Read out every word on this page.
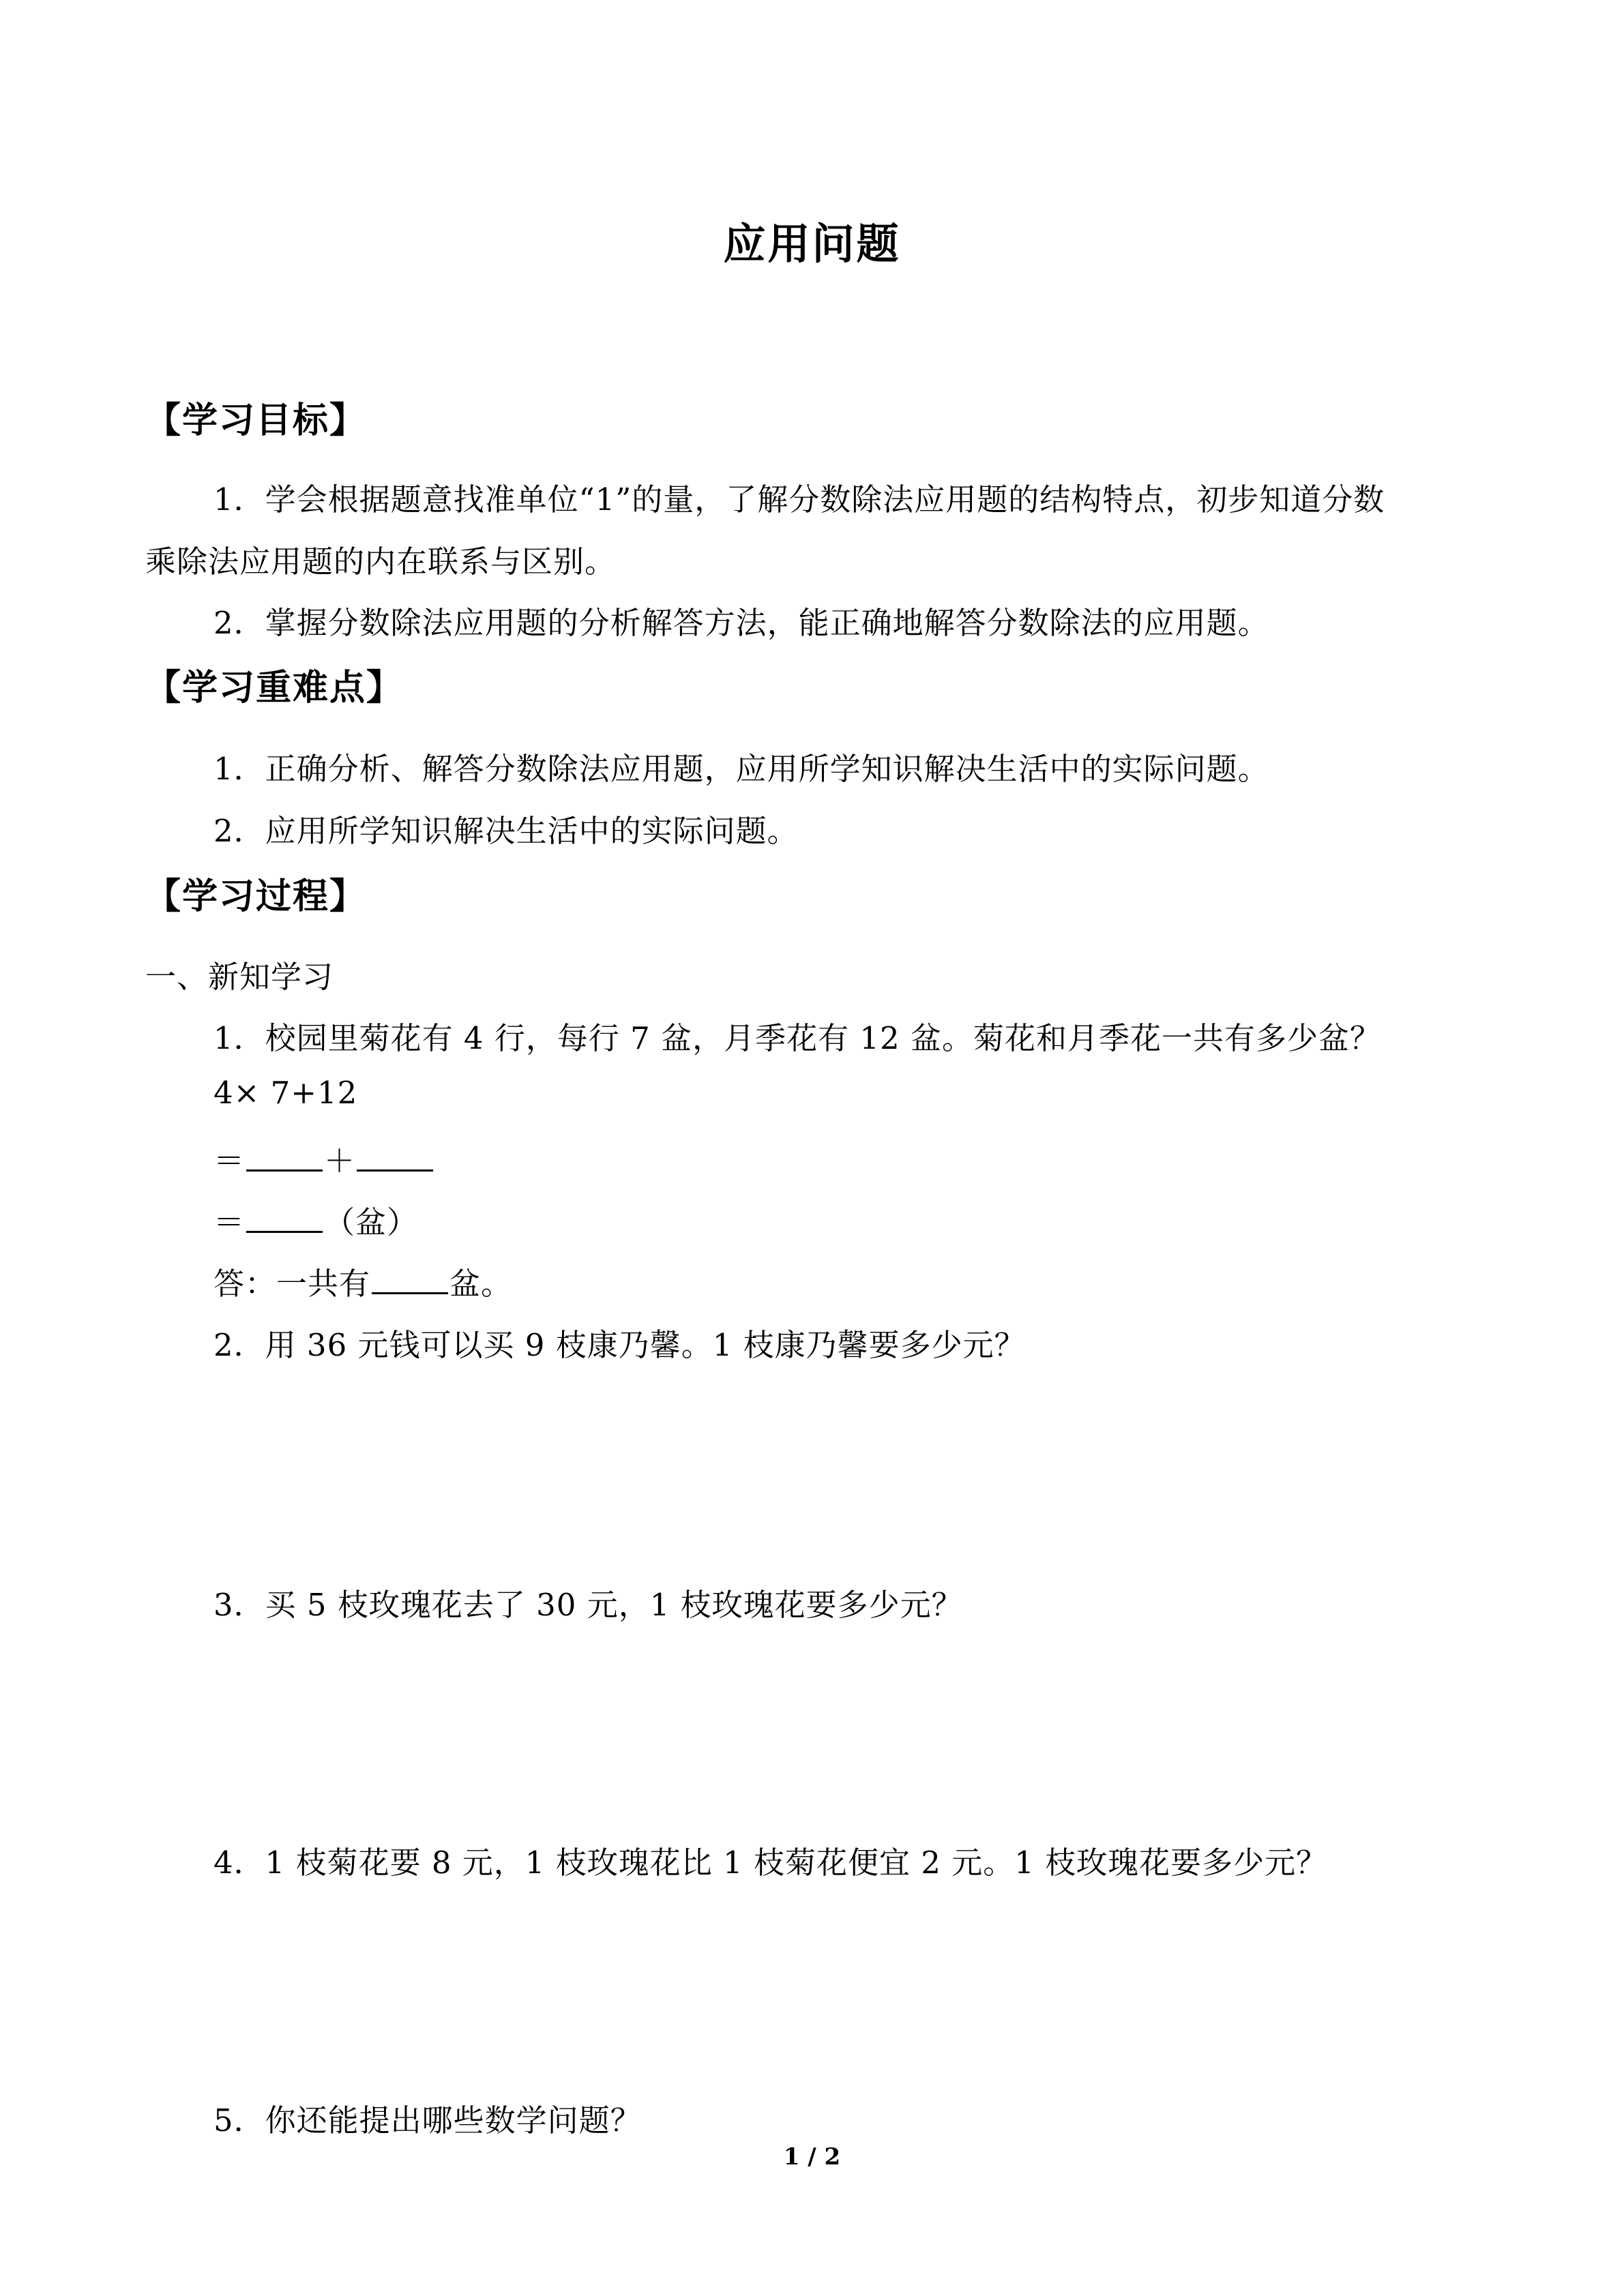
应用问题
【学习目标】
1．学会根据题意找准单位“1”的量，了解分数除法应用题的结构特点，初步知道分数
乘除法应用题的内在联系与区别。
2．掌握分数除法应用题的分析解答方法，能正确地解答分数除法的应用题。
【学习重难点】
1．正确分析、解答分数除法应用题，应用所学知识解决生活中的实际问题。
2．应用所学知识解决生活中的实际问题。
【学习过程】
一、新知学习
1．校园里菊花有 4 行，每行 7 盆，月季花有 12 盆。菊花和月季花一共有多少盆？
4× 7+12
＝	＋
＝	（盆）
答：一共有	盆。
2．用 36 元钱可以买 9 枝康乃馨。1 枝康乃馨要多少元？
3．买 5 枝玫瑰花去了 30 元，1 枝玫瑰花要多少元？
4．1 枝菊花要 8 元，1 枝玫瑰花比 1 枝菊花便宜 2 元。1 枝玫瑰花要多少元？
5．你还能提出哪些数学问题？
1 / 2
